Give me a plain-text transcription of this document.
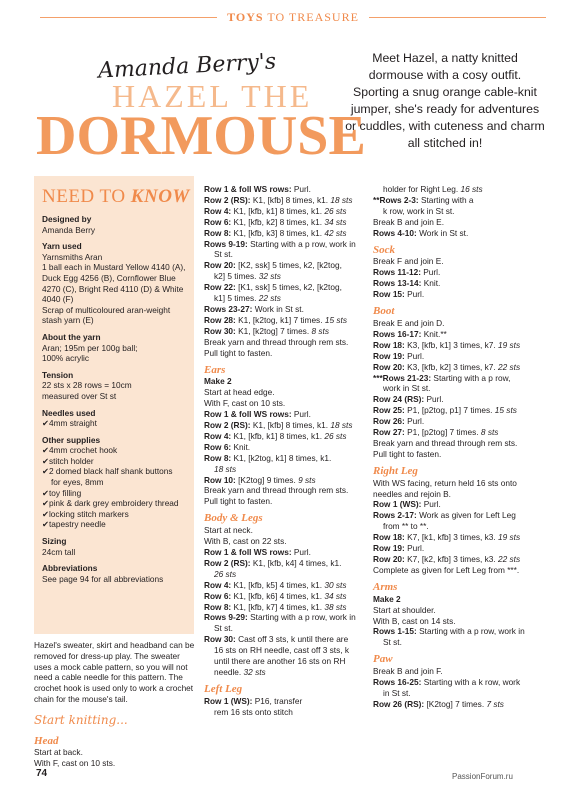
TOYS TO TREASURE
Amanda Berry's
HAZEL THE
DORMOUSE
Meet Hazel, a natty knitted dormouse with a cosy outfit. Sporting a snug orange cable-knit jumper, she's ready for adventures or cuddles, with cuteness and charm all stitched in!
NEED TO KNOW
Designed by
Amanda Berry
Yarn used
Yarnsmiths Aran
1 ball each in Mustard Yellow 4140 (A),
Duck Egg 4256 (B), Cornflower Blue
4270 (C), Bright Red 4110 (D) & White
4040 (F)
Scrap of multicoloured aran-weight
stash yarn (E)
About the yarn
Aran; 195m per 100g ball;
100% acrylic
Tension
22 sts x 28 rows = 10cm
measured over St st
Needles used
✔ 4mm straight
Other supplies
✔ 4mm crochet hook
✔ stitch holder
✔ 2 domed black half shank buttons
for eyes, 8mm
✔ toy filling
✔ pink & dark grey embroidery thread
✔ locking stitch markers
✔ tapestry needle
Sizing
24cm tall
Abbreviations
See page 94 for all abbreviations
Hazel's sweater, skirt and headband can be removed for dress-up play. The sweater uses a mock cable pattern, so you will not need a cable needle for this pattern. The crochet hook is used only to work a crochet chain for the mouse's tail.
Start knitting...
Head
Start at back.
With F, cast on 10 sts.
Row 1 & foll WS rows: Purl.
Row 2 (RS): K1, [kfb] 8 times, k1. 18 sts
Row 4: K1, [kfb, k1] 8 times, k1. 26 sts
Row 6: K1, [kfb, k2] 8 times, k1. 34 sts
Row 8: K1, [kfb, k3] 8 times, k1. 42 sts
Rows 9-19: Starting with a p row, work in
St st.
Row 20: [K2, ssk] 5 times, k2, [k2tog,
k2] 5 times. 32 sts
Row 22: [K1, ssk] 5 times, k2, [k2tog,
k1] 5 times. 22 sts
Rows 23-27: Work in St st.
Row 28: K1, [k2tog, k1] 7 times. 15 sts
Row 30: K1, [k2tog] 7 times. 8 sts
Break yarn and thread through rem sts.
Pull tight to fasten.
Ears
Make 2
Start at head edge.
With F, cast on 10 sts.
Row 1 & foll WS rows: Purl.
Row 2 (RS): K1, [kfb] 8 times, k1. 18 sts
Row 4: K1, [kfb, k1] 8 times, k1. 26 sts
Row 6: Knit.
Row 8: K1, [k2tog, k1] 8 times, k1.
18 sts
Row 10: [K2tog] 9 times. 9 sts
Break yarn and thread through rem sts.
Pull tight to fasten.
Body & Legs
Start at neck.
With B, cast on 22 sts.
Row 1 & foll WS rows: Purl.
Row 2 (RS): K1, [kfb, k4] 4 times, k1.
26 sts
Row 4: K1, [kfb, k5] 4 times, k1. 30 sts
Row 6: K1, [kfb, k6] 4 times, k1. 34 sts
Row 8: K1, [kfb, k7] 4 times, k1. 38 sts
Rows 9-29: Starting with a p row, work in
St st.
Row 30: Cast off 3 sts, k until there are
16 sts on RH needle, cast off 3 sts, k
until there are another 16 sts on RH
needle. 32 sts
Left Leg
Row 1 (WS): P16, transfer
rem 16 sts onto stitch
holder for Right Leg. 16 sts
**Rows 2-3: Starting with a
k row, work in St st.
Break B and join E.
Rows 4-10: Work in St st.
Sock
Break F and join E.
Rows 11-12: Purl.
Rows 13-14: Knit.
Row 15: Purl.
Boot
Break E and join D.
Rows 16-17: Knit.**
Row 18: K3, [kfb, k1] 3 times, k7. 19 sts
Row 19: Purl.
Row 20: K3, [kfb, k2] 3 times, k7. 22 sts
***Rows 21-23: Starting with a p row,
work in St st.
Row 24 (RS): Purl.
Row 25: P1, [p2tog, p1] 7 times. 15 sts
Row 26: Purl.
Row 27: P1, [p2tog] 7 times. 8 sts
Break yarn and thread through rem sts.
Pull tight to fasten.
Right Leg
With WS facing, return held 16 sts onto
needles and rejoin B.
Row 1 (WS): Purl.
Rows 2-17: Work as given for Left Leg
from ** to **.
Row 18: K7, [k1, kfb] 3 times, k3. 19 sts
Row 19: Purl.
Row 20: K7, [k2, kfb] 3 times, k3. 22 sts
Complete as given for Left Leg from ***.
Arms
Make 2
Start at shoulder.
With B, cast on 14 sts.
Rows 1-15: Starting with a p row, work in
St st.
Paw
Break B and join F.
Rows 16-25: Starting with a k row, work
in St st.
Row 26 (RS): [K2tog] 7 times. 7 sts
74	PassionForum.ru
